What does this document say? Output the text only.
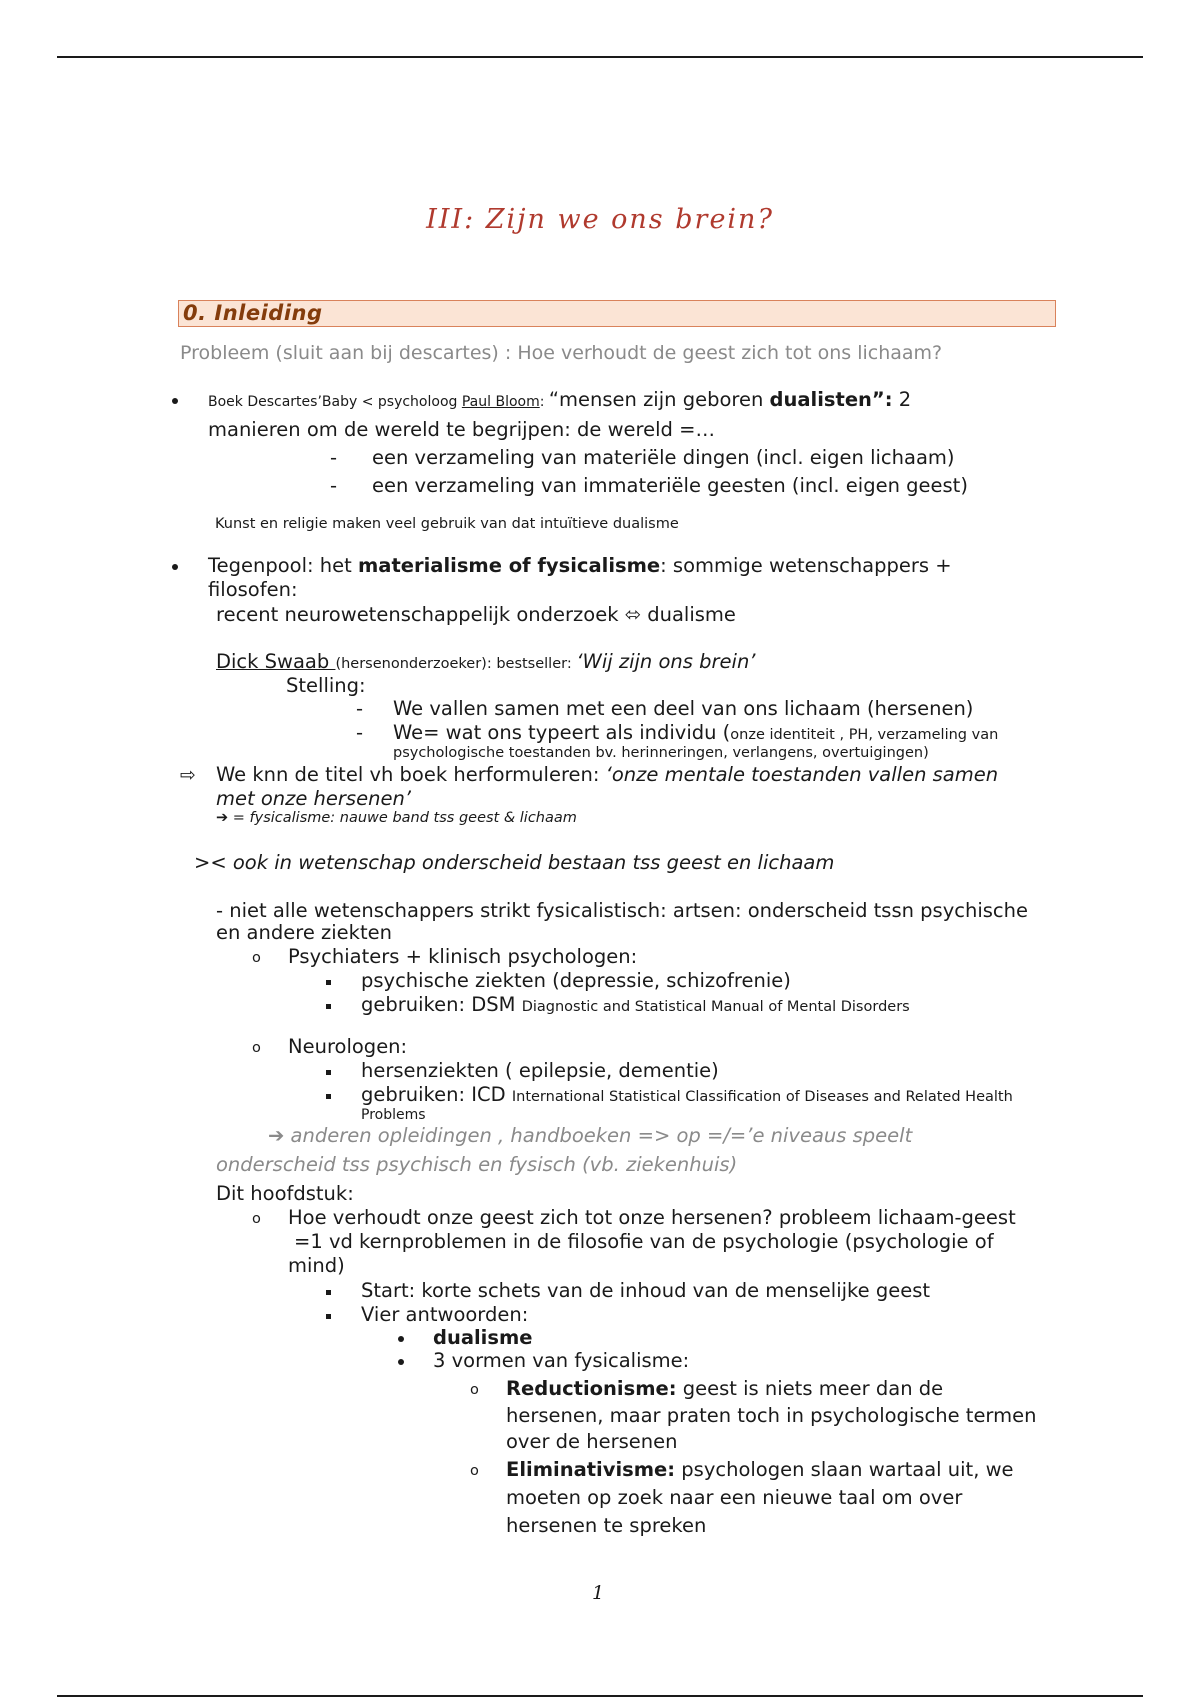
III: Zijn we ons brein?
0. Inleiding
Probleem (sluit aan bij descartes) : Hoe verhoudt de geest zich tot ons lichaam?
Boek Descartes’Baby < psycholoog Paul Bloom: “mensen zijn geboren dualisten”: 2
manieren om de wereld te begrijpen: de wereld =…
- een verzameling van materiële dingen (incl. eigen lichaam)
- een verzameling van immateriële geesten (incl. eigen geest)
Kunst en religie maken veel gebruik van dat intuïtieve dualisme
Tegenpool: het materialisme of fysicalisme: sommige wetenschappers +
filosofen:
recent neurowetenschappelijk onderzoek ⬄ dualisme
Dick Swaab (hersenonderzoeker): bestseller: ‘Wij zijn ons brein’
Stelling:
- We vallen samen met een deel van ons lichaam (hersenen)
- We= wat ons typeert als individu (onze identiteit , PH, verzameling van
psychologische toestanden bv. herinneringen, verlangens, overtuigingen)
⇨ We knn de titel vh boek herformuleren: ‘onze mentale toestanden vallen samen
met onze hersenen’
➔ = fysicalisme: nauwe band tss geest & lichaam
>< ook in wetenschap onderscheid bestaan tss geest en lichaam
- niet alle wetenschappers strikt fysicalistisch: artsen: onderscheid tssn psychische
en andere ziekten
o Psychiaters + klinisch psychologen:
psychische ziekten (depressie, schizofrenie)
gebruiken: DSM Diagnostic and Statistical Manual of Mental Disorders
o Neurologen:
hersenziekten ( epilepsie, dementie)
gebruiken: ICD International Statistical Classification of Diseases and Related Health
Problems
➔ anderen opleidingen , handboeken => op =/=’e niveaus speelt
onderscheid tss psychisch en fysisch (vb. ziekenhuis)
Dit hoofdstuk:
o Hoe verhoudt onze geest zich tot onze hersenen? probleem lichaam-geest
=1 vd kernproblemen in de filosofie van de psychologie (psychologie of
mind)
Start: korte schets van de inhoud van de menselijke geest
Vier antwoorden:
dualisme
3 vormen van fysicalisme:
o Reductionisme: geest is niets meer dan de
hersenen, maar praten toch in psychologische termen
over de hersenen
o Eliminativisme: psychologen slaan wartaal uit, we
moeten op zoek naar een nieuwe taal om over
hersenen te spreken
1
